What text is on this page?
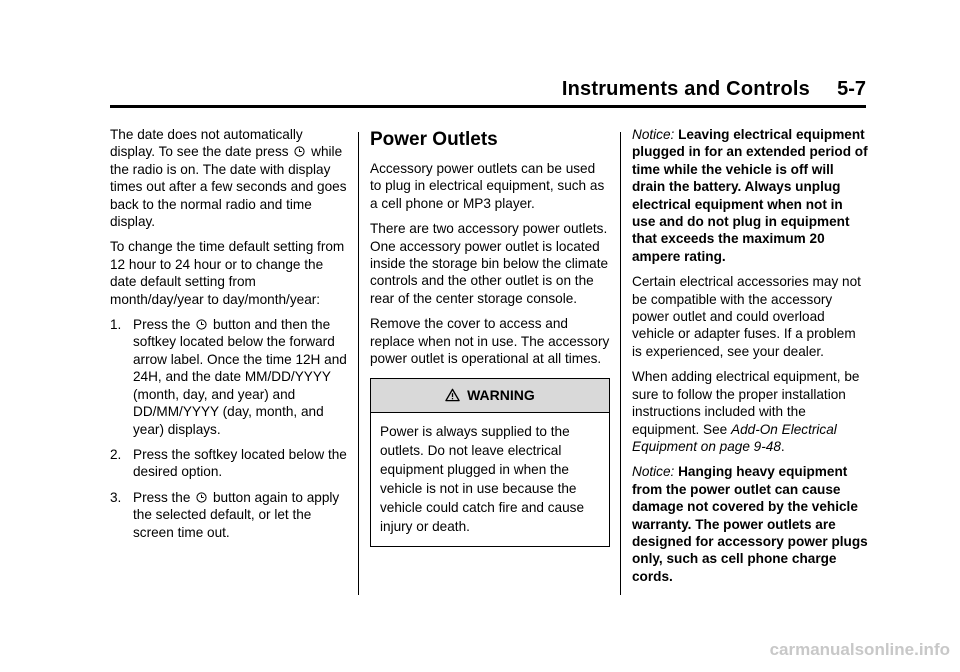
Instruments and Controls 5-7

The date does not automatically display. To see the date press while the radio is on. The date with display times out after a few seconds and goes back to the normal radio and time display.

To change the time default setting from 12 hour to 24 hour or to change the date default setting from month/day/year to day/month/year:

1. Press the button and then the softkey located below the forward arrow label. Once the time 12H and 24H, and the date MM/DD/YYYY (month, day, and year) and DD/MM/YYYY (day, month, and year) displays.
2. Press the softkey located below the desired option.
3. Press the button again to apply the selected default, or let the screen time out.
Power Outlets

Accessory power outlets can be used to plug in electrical equipment, such as a cell phone or MP3 player.

There are two accessory power outlets. One accessory power outlet is located inside the storage bin below the climate controls and the other outlet is on the rear of the center storage console.

Remove the cover to access and replace when not in use. The accessory power outlet is operational at all times.

WARNING
Power is always supplied to the outlets. Do not leave electrical equipment plugged in when the vehicle is not in use because the vehicle could catch fire and cause injury or death.

Notice: Leaving electrical equipment plugged in for an extended period of time while the vehicle is off will drain the battery. Always unplug electrical equipment when not in use and do not plug in equipment that exceeds the maximum 20 ampere rating.

Certain electrical accessories may not be compatible with the accessory power outlet and could overload vehicle or adapter fuses. If a problem is experienced, see your dealer.

When adding electrical equipment, be sure to follow the proper installation instructions included with the equipment. See Add-On Electrical Equipment on page 9-48.

Notice: Hanging heavy equipment from the power outlet can cause damage not covered by the vehicle warranty. The power outlets are designed for accessory power plugs only, such as cell phone charge cords.

carmanualsonline.info
